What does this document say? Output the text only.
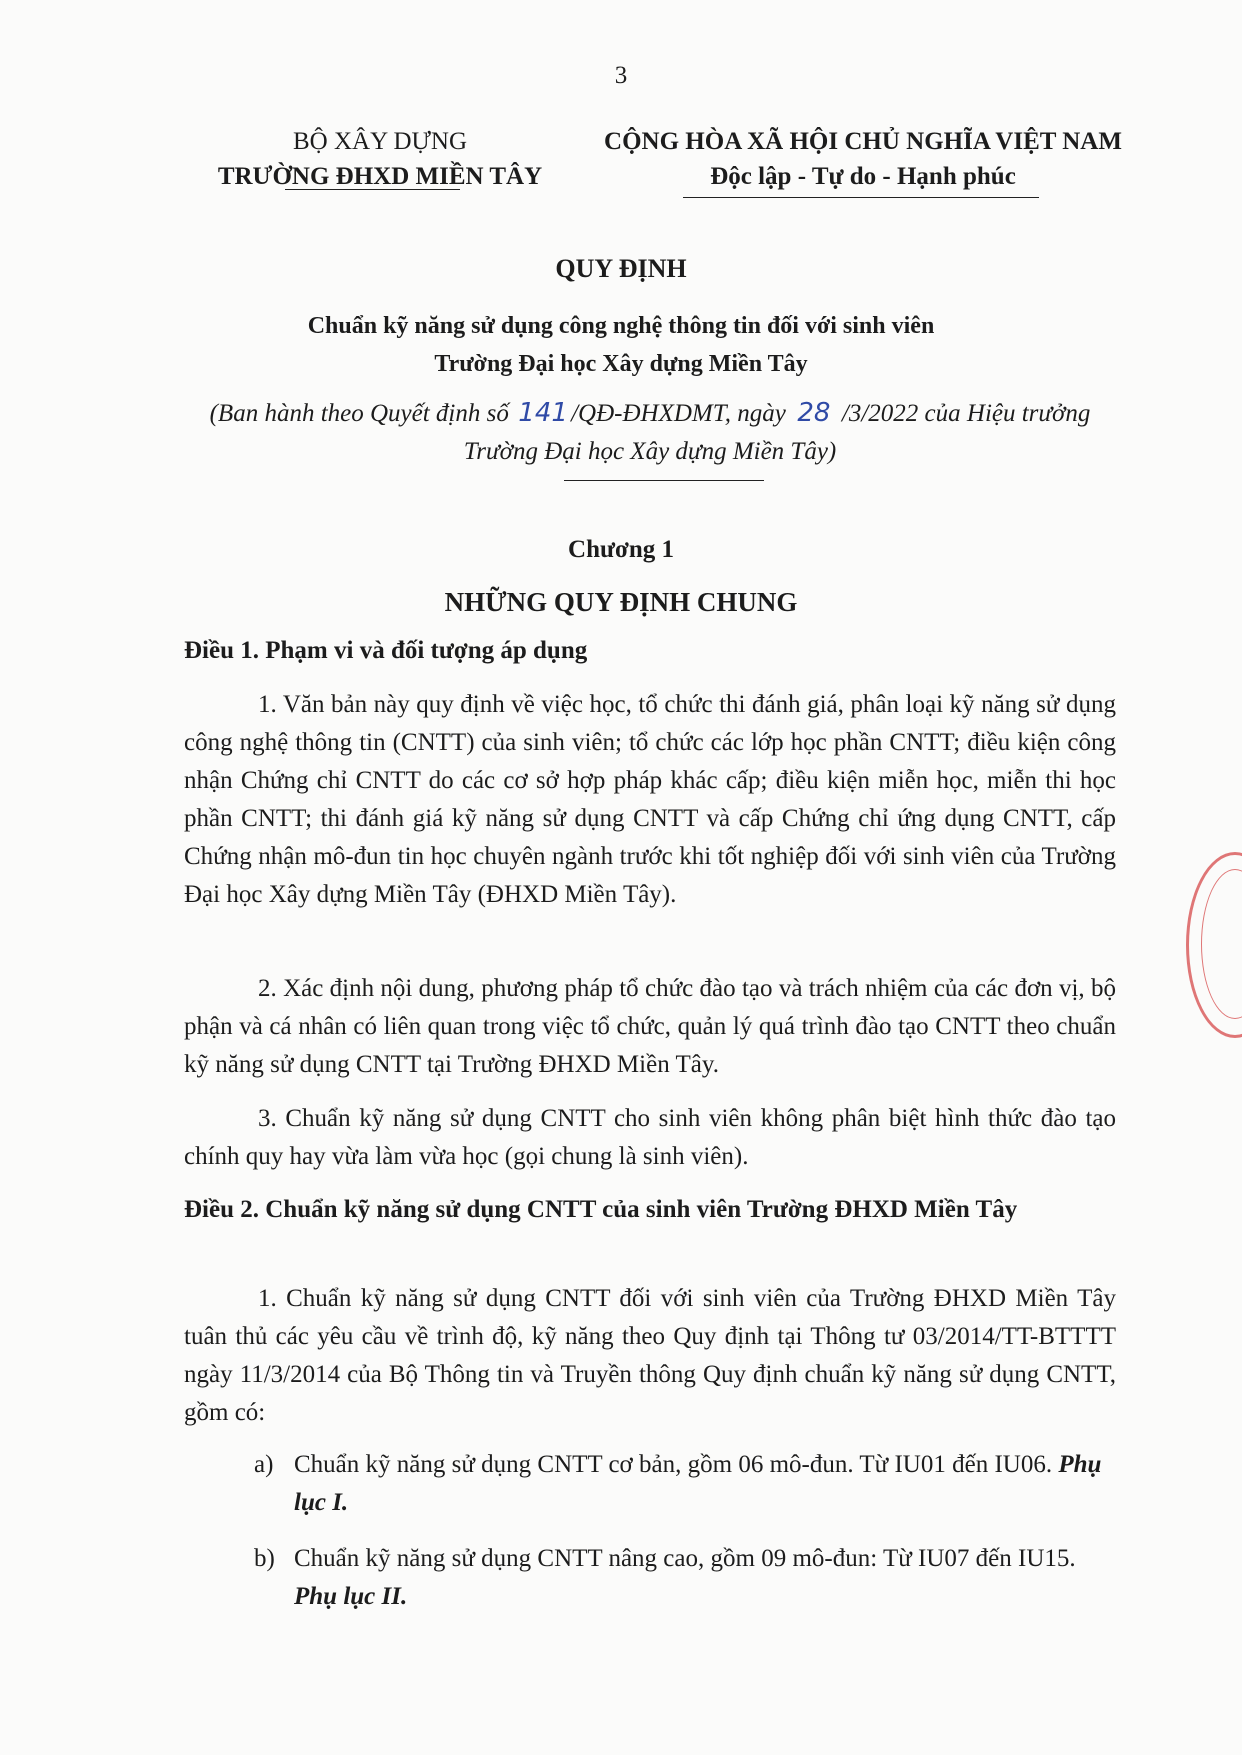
3
BỘ XÂY DỰNG
TRƯỜNG ĐHXD MIỀN TÂY
CỘNG HÒA XÃ HỘI CHỦ NGHĨA VIỆT NAM
Độc lập - Tự do - Hạnh phúc
QUY ĐỊNH
Chuẩn kỹ năng sử dụng công nghệ thông tin đối với sinh viên
Trường Đại học Xây dựng Miền Tây
(Ban hành theo Quyết định số 141 /QĐ-ĐHXDMT, ngày 28 /3/2022 của Hiệu trưởng Trường Đại học Xây dựng Miền Tây)
Chương 1
NHỮNG QUY ĐỊNH CHUNG
Điều 1. Phạm vi và đối tượng áp dụng
1. Văn bản này quy định về việc học, tổ chức thi đánh giá, phân loại kỹ năng sử dụng công nghệ thông tin (CNTT) của sinh viên; tổ chức các lớp học phần CNTT; điều kiện công nhận Chứng chỉ CNTT do các cơ sở hợp pháp khác cấp; điều kiện miễn học, miễn thi học phần CNTT; thi đánh giá kỹ năng sử dụng CNTT và cấp Chứng chỉ ứng dụng CNTT, cấp Chứng nhận mô-đun tin học chuyên ngành trước khi tốt nghiệp đối với sinh viên của Trường Đại học Xây dựng Miền Tây (ĐHXD Miền Tây).
2. Xác định nội dung, phương pháp tổ chức đào tạo và trách nhiệm của các đơn vị, bộ phận và cá nhân có liên quan trong việc tổ chức, quản lý quá trình đào tạo CNTT theo chuẩn kỹ năng sử dụng CNTT tại Trường ĐHXD Miền Tây.
3. Chuẩn kỹ năng sử dụng CNTT cho sinh viên không phân biệt hình thức đào tạo chính quy hay vừa làm vừa học (gọi chung là sinh viên).
Điều 2. Chuẩn kỹ năng sử dụng CNTT của sinh viên Trường ĐHXD Miền Tây
1. Chuẩn kỹ năng sử dụng CNTT đối với sinh viên của Trường ĐHXD Miền Tây tuân thủ các yêu cầu về trình độ, kỹ năng theo Quy định tại Thông tư 03/2014/TT-BTTTT ngày 11/3/2014 của Bộ Thông tin và Truyền thông Quy định chuẩn kỹ năng sử dụng CNTT, gồm có:
a) Chuẩn kỹ năng sử dụng CNTT cơ bản, gồm 06 mô-đun. Từ IU01 đến IU06. Phụ lục I.
b) Chuẩn kỹ năng sử dụng CNTT nâng cao, gồm 09 mô-đun: Từ IU07 đến IU15. Phụ lục II.
